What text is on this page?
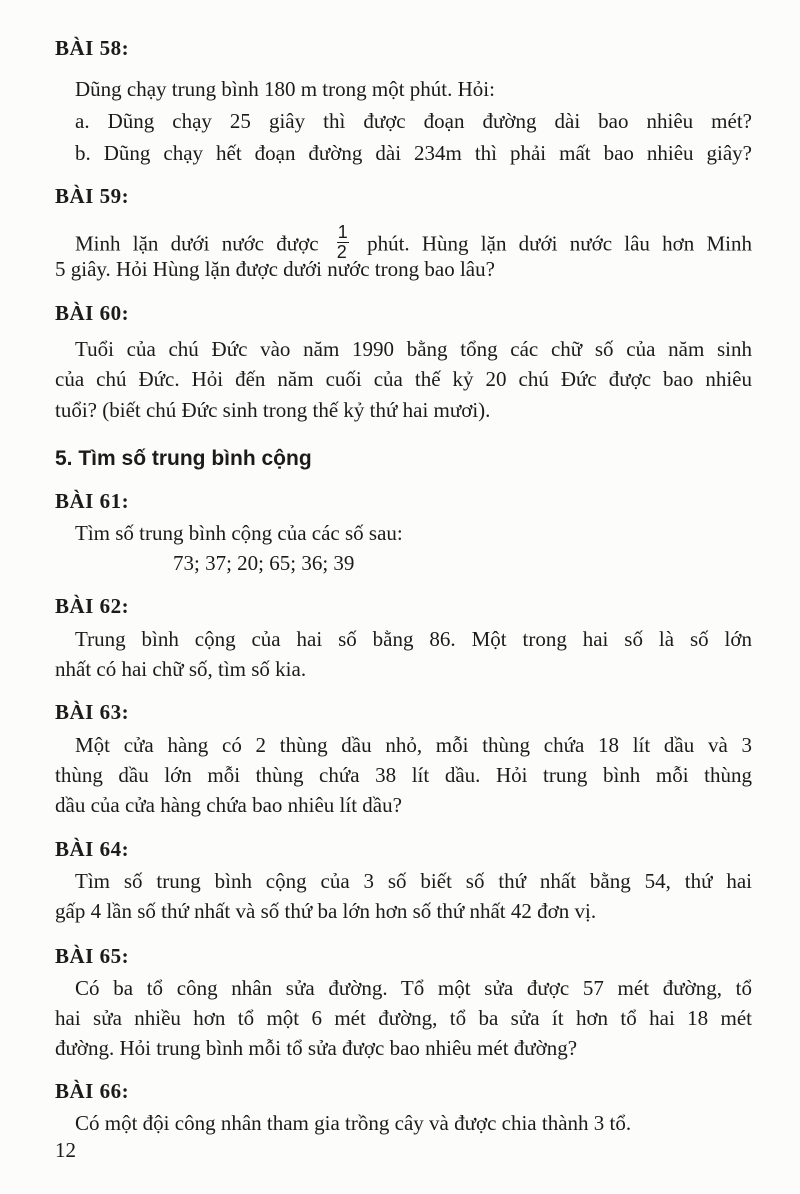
BÀI 58:
Dũng chạy trung bình 180 m trong một phút. Hỏi:
a. Dũng chạy 25 giây thì được đoạn đường dài bao nhiêu mét?
b. Dũng chạy hết đoạn đường dài 234m thì phải mất bao nhiêu giây?
BÀI 59:
Minh lặn dưới nước được $\frac{1}{2}$ phút. Hùng lặn dưới nước lâu hơn Minh
5 giây. Hỏi Hùng lặn được dưới nước trong bao lâu?
BÀI 60:
Tuổi của chú Đức vào năm 1990 bằng tổng các chữ số của năm sinh
của chú Đức. Hỏi đến năm cuối của thế kỷ 20 chú Đức được bao nhiêu
tuổi? (biết chú Đức sinh trong thế kỷ thứ hai mươi).
BÀI 61:
Tìm số trung bình cộng của các số sau:
73; 37; 20; 65; 36; 39
BÀI 62:
Trung bình cộng của hai số bằng 86. Một trong hai số là số lớn
nhất có hai chữ số, tìm số kia.
BÀI 63:
Một cửa hàng có 2 thùng dầu nhỏ, mỗi thùng chứa 18 lít dầu và 3
thùng dầu lớn mỗi thùng chứa 38 lít dầu. Hỏi trung bình mỗi thùng
dầu của cửa hàng chứa bao nhiêu lít dầu?
BÀI 64:
Tìm số trung bình cộng của 3 số biết số thứ nhất bằng 54, thứ hai
gấp 4 lần số thứ nhất và số thứ ba lớn hơn số thứ nhất 42 đơn vị.
BÀI 65:
Có ba tổ công nhân sửa đường. Tổ một sửa được 57 mét đường, tổ
hai sửa nhiều hơn tổ một 6 mét đường, tổ ba sửa ít hơn tổ hai 18 mét
đường. Hỏi trung bình mỗi tổ sửa được bao nhiêu mét đường?
BÀI 66:
Có một đội công nhân tham gia trồng cây và được chia thành 3 tổ.
5. Tìm số trung bình cộng
12
